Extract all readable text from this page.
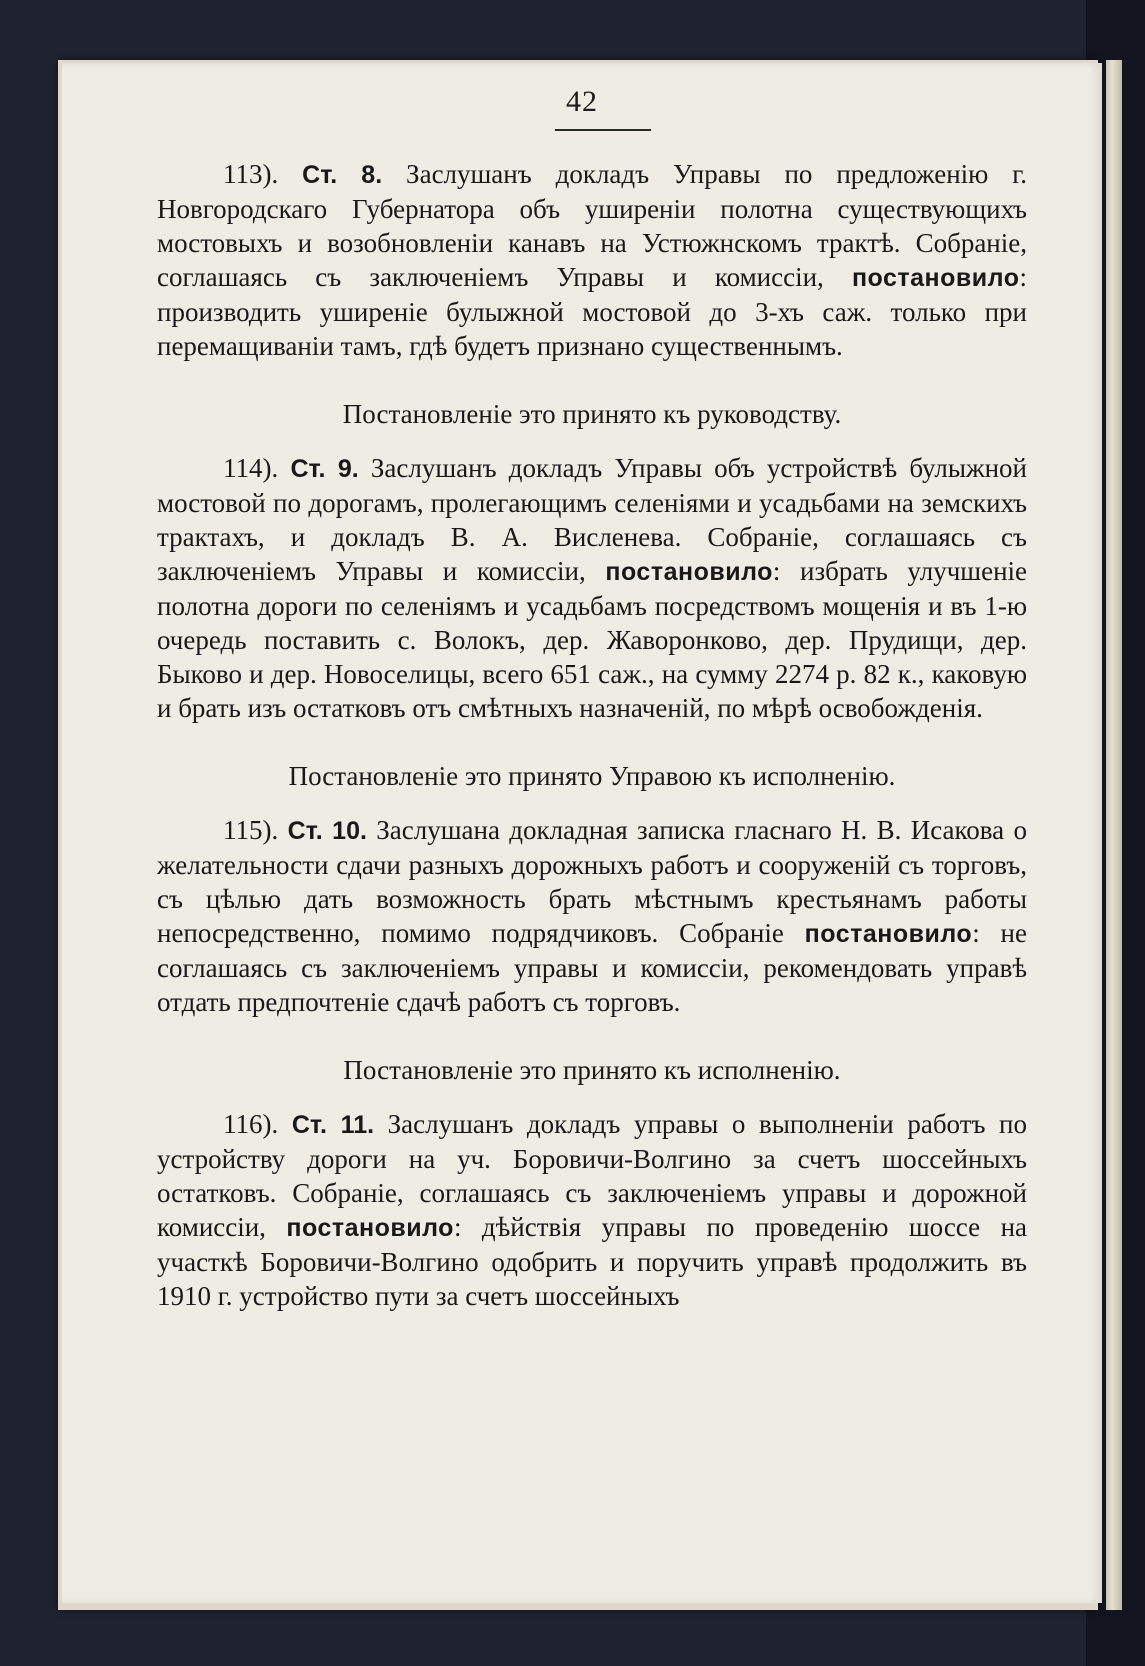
42

113). Ст. 8. Заслушанъ докладъ Управы по предложенію г. Новгородскаго Губернатора объ уширеніи полотна существующихъ мостовыхъ и возобновленіи канавъ на Устюжнскомъ трактѣ. Собраніе, соглашаясь съ заключеніемъ Управы и комиссіи, постановило: производить уширеніе булыжной мостовой до 3-хъ саж. только при перемащиваніи тамъ, гдѣ будетъ признано существеннымъ.

Постановленіе это принято къ руководству.

114). Ст. 9. Заслушанъ докладъ Управы объ устройствѣ булыжной мостовой по дорогамъ, пролегающимъ селеніями и усадьбами на земскихъ трактахъ, и докладъ В. А. Висленева. Собраніе, соглашаясь съ заключеніемъ Управы и комиссіи, постановило: избрать улучшеніе полотна дороги по селеніямъ и усадьбамъ посредствомъ мощенія и въ 1-ю очередь поставить с. Волокъ, дер. Жаворонково, дер. Прудищи, дер. Быково и дер. Новоселицы, всего 651 саж., на сумму 2274 р. 82 к., каковую и брать изъ остатковъ отъ смѣтныхъ назначеній, по мѣрѣ освобожденія.

Постановленіе это принято Управою къ исполненію.

115). Ст. 10. Заслушана докладная записка гласнаго Н. В. Исакова о желательности сдачи разныхъ дорожныхъ работъ и сооруженій съ торговъ, съ цѣлью дать возможность брать мѣстнымъ крестьянамъ работы непосредственно, помимо подрядчиковъ. Собраніе постановило: не соглашаясь съ заключеніемъ управы и комиссіи, рекомендовать управѣ отдать предпочтеніе сдачѣ работъ съ торговъ.

Постановленіе это принято къ исполненію.

116). Ст. 11. Заслушанъ докладъ управы о выполненіи работъ по устройству дороги на уч. Боровичи-Волгино за счетъ шоссейныхъ остатковъ. Собраніе, соглашаясь съ заключеніемъ управы и дорожной комиссіи, постановило: дѣйствія управы по проведенію шоссе на участкѣ Боровичи-Волгино одобрить и поручить управѣ продолжить въ 1910 г. устройство пути за счетъ шоссейныхъ
